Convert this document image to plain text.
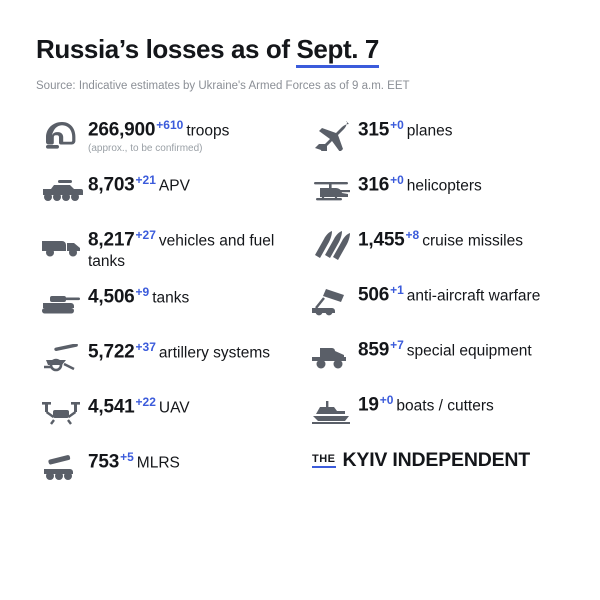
Russia’s losses as of Sept. 7
Source: Indicative estimates by Ukraine's Armed Forces as of 9 a.m. EET
$266,900^{+610}$ troops
(approx., to be confirmed)
$8,703^{+21}$ APV
$8,217^{+27}$ vehicles and fuel tanks
$4,506^{+9}$ tanks
$5,722^{+37}$ artillery systems
$4,541^{+22}$ UAV
$753^{+5}$ MLRS
$315^{+0}$ planes
$316^{+0}$ helicopters
$1,455^{+8}$ cruise missiles
$506^{+1}$ anti-aircraft warfare
$859^{+7}$ special equipment
$19^{+0}$ boats / cutters
THE KYIV INDEPENDENT
